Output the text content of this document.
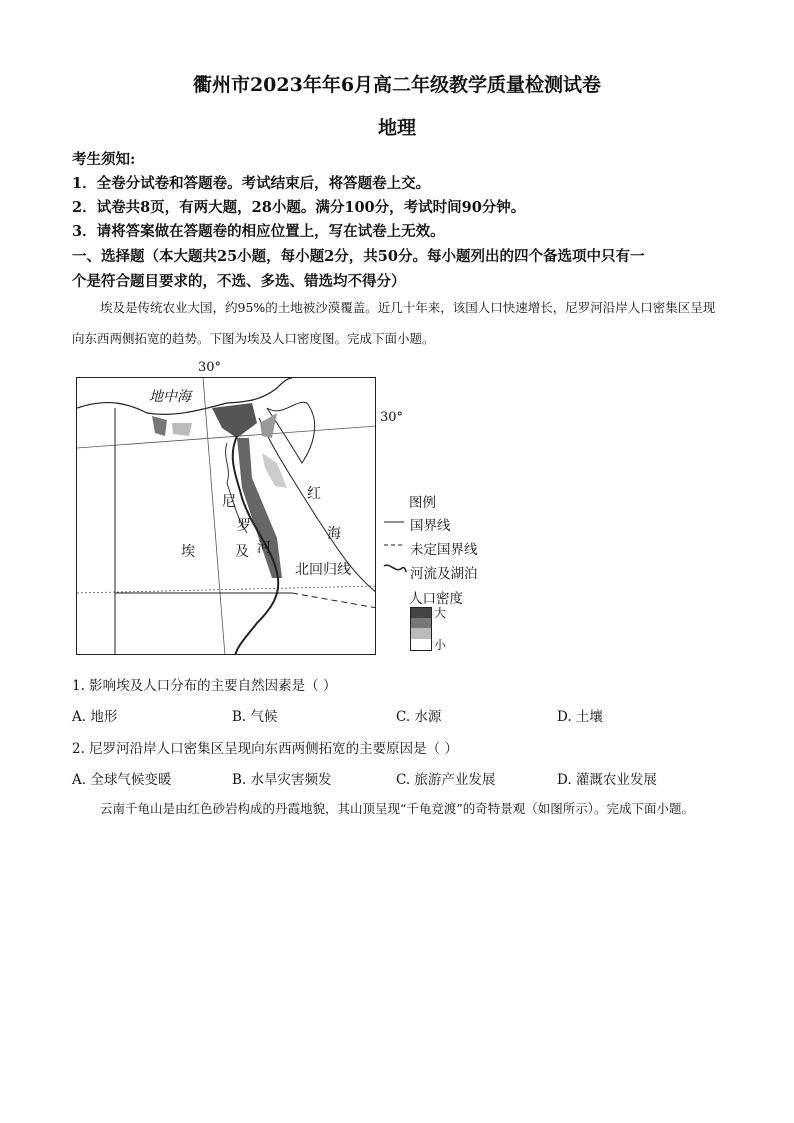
衢州市2023年年6月高二年级教学质量检测试卷
地理
考生须知:
1．全卷分试卷和答题卷。考试结束后，将答题卷上交。
2．试卷共8页，有两大题，28小题。满分100分，考试时间90分钟。
3．请将答案做在答题卷的相应位置上，写在试卷上无效。
一、选择题（本大题共25小题，每小题2分，共50分。每小题列出的四个备选项中只有一
个是符合题目要求的，不选、多选、错选均不得分）
埃及是传统农业大国，约95%的土地被沙漠覆盖。近几十年来，该国人口快速增长，尼罗河沿岸人口密集区呈现向东西两侧拓宽的趋势。下图为埃及人口密度图。完成下面小题。
30°
30°
地中海
红
海
尼
罗
河
埃	及
北回归线
图例
国界线
未定国界线
河流及湖泊
人口密度
大
小
1. 影响埃及人口分布的主要自然因素是（ ）
A. 地形	B. 气候	C. 水源	D. 土壤
2. 尼罗河沿岸人口密集区呈现向东西两侧拓宽的主要原因是（ ）
A. 全球气候变暖	B. 水旱灾害频发	C. 旅游产业发展	D. 灌溉农业发展
云南千龟山是由红色砂岩构成的丹霞地貌，其山顶呈现“千龟竞渡”的奇特景观（如图所示）。完成下面小题。
